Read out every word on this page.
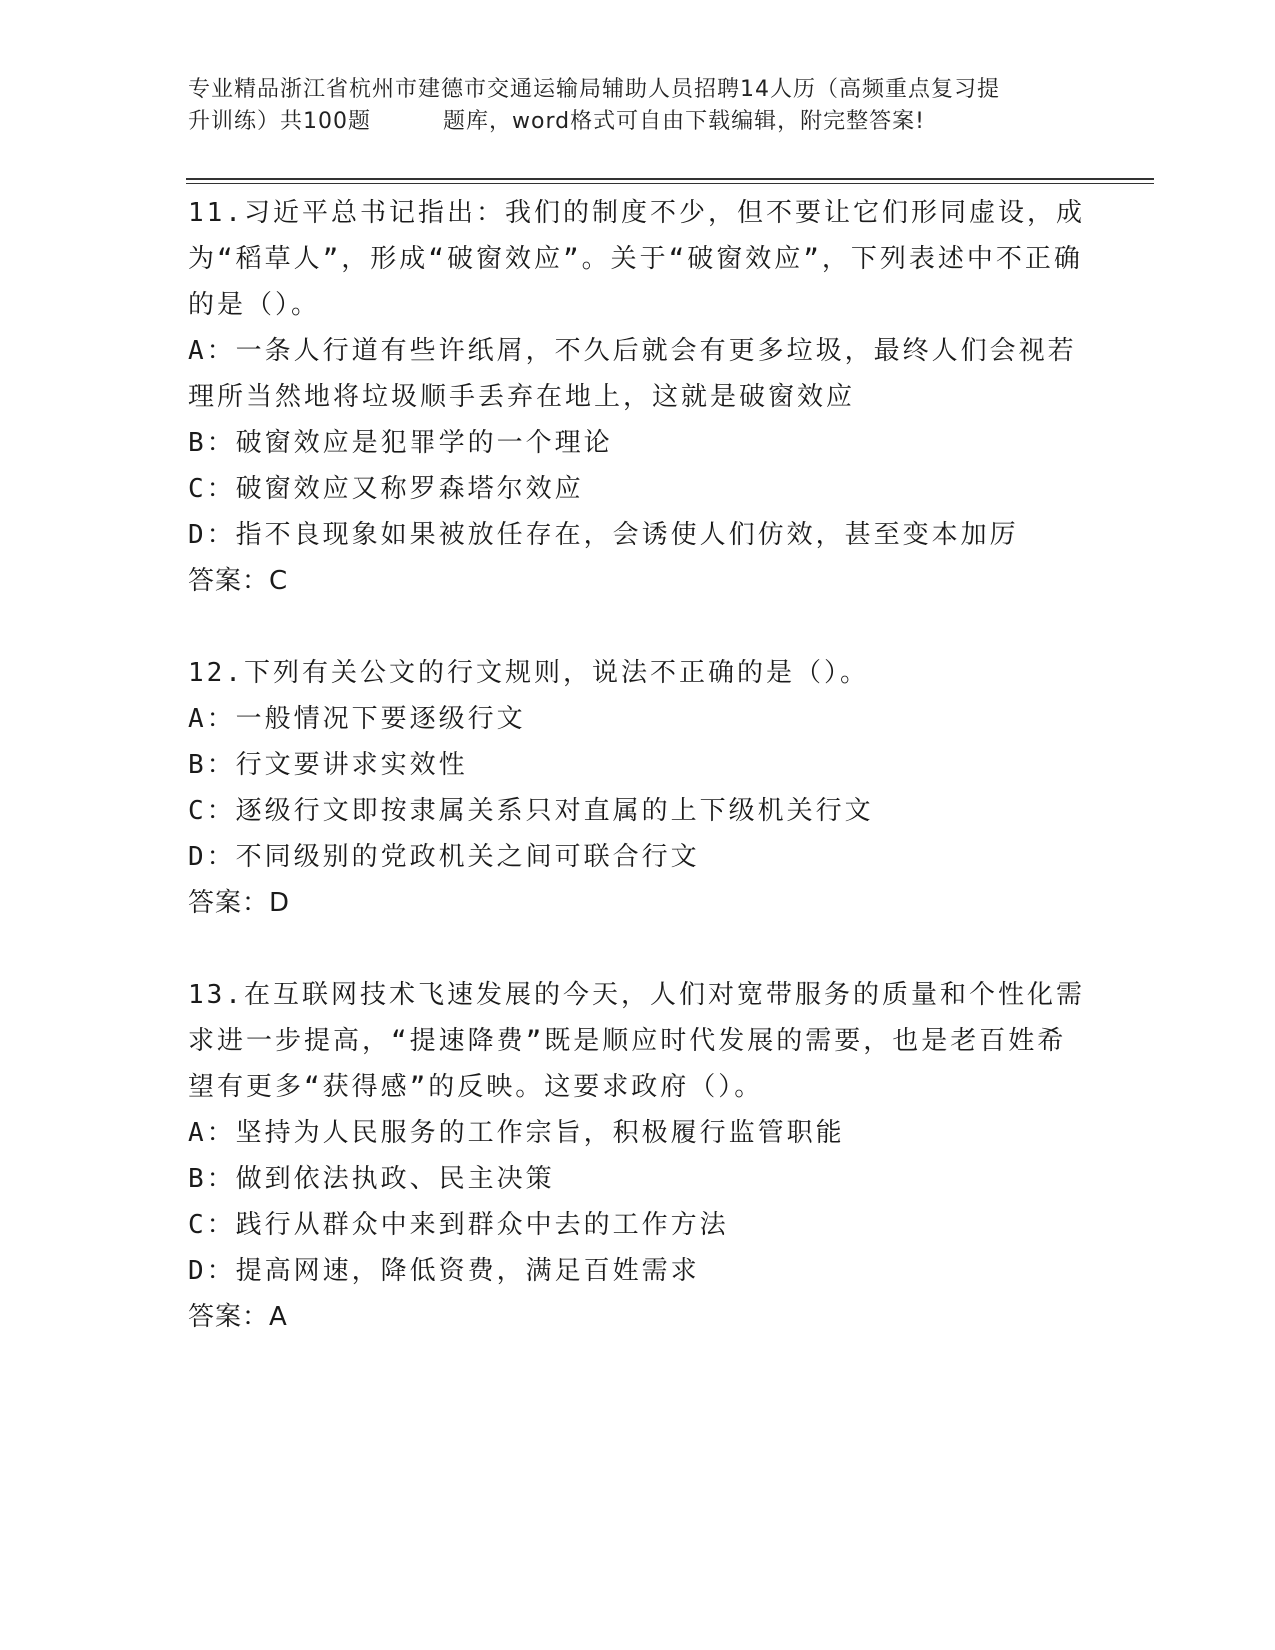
专业精品浙江省杭州市建德市交通运输局辅助人员招聘14人历（高频重点复习提
升训练）共100题	题库，word格式可自由下载编辑，附完整答案!

11.习近平总书记指出：我们的制度不少，但不要让它们形同虚设，成为“稻草人”，形成“破窗效应”。关于“破窗效应”，下列表述中不正确的是（）。

A：一条人行道有些许纸屑，不久后就会有更多垃圾，最终人们会视若理所当然地将垃圾顺手丢弃在地上，这就是破窗效应

B：破窗效应是犯罪学的一个理论

C：破窗效应又称罗森塔尔效应

D：指不良现象如果被放任存在，会诱使人们仿效，甚至变本加厉

答案：C

12.下列有关公文的行文规则，说法不正确的是（）。

A：一般情况下要逐级行文

B：行文要讲求实效性

C：逐级行文即按隶属关系只对直属的上下级机关行文

D：不同级别的党政机关之间可联合行文

答案：D

13.在互联网技术飞速发展的今天，人们对宽带服务的质量和个性化需求进一步提高，“提速降费”既是顺应时代发展的需要，也是老百姓希望有更多“获得感”的反映。这要求政府（）。

A：坚持为人民服务的工作宗旨，积极履行监管职能

B：做到依法执政、民主决策

C：践行从群众中来到群众中去的工作方法

D：提高网速，降低资费，满足百姓需求

答案：A
